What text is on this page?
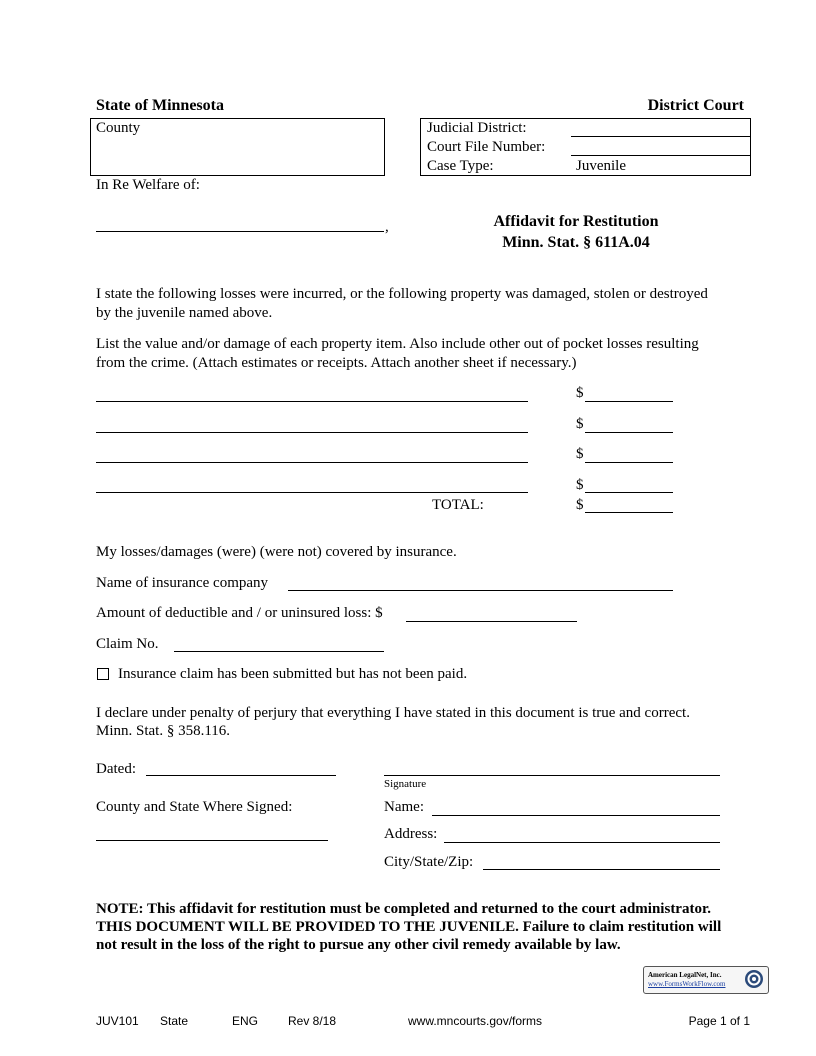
State of Minnesota	District Court
County	Judicial District:
Court File Number:
Case Type:	Juvenile
In Re Welfare of:
,	Affidavit for Restitution
Minn. Stat. § 611A.04
I state the following losses were incurred, or the following property was damaged, stolen or destroyed by the juvenile named above.
List the value and/or damage of each property item. Also include other out of pocket losses resulting from the crime. (Attach estimates or receipts. Attach another sheet if necessary.)
$
$
$
$
TOTAL:	$
My losses/damages (were) (were not) covered by insurance.
Name of insurance company
Amount of deductible and / or uninsured loss: $
Claim No.
Insurance claim has been submitted but has not been paid.
I declare under penalty of perjury that everything I have stated in this document is true and correct. Minn. Stat. § 358.116.
Dated:
Signature
County and State Where Signed:	Name:
Address:
City/State/Zip:
NOTE: This affidavit for restitution must be completed and returned to the court administrator. THIS DOCUMENT WILL BE PROVIDED TO THE JUVENILE. Failure to claim restitution will not result in the loss of the right to pursue any other civil remedy available by law.
American LegalNet, Inc.
www.FormsWorkFlow.com
JUV101 State	ENG Rev 8/18	www.mncourts.gov/forms	Page 1 of 1
